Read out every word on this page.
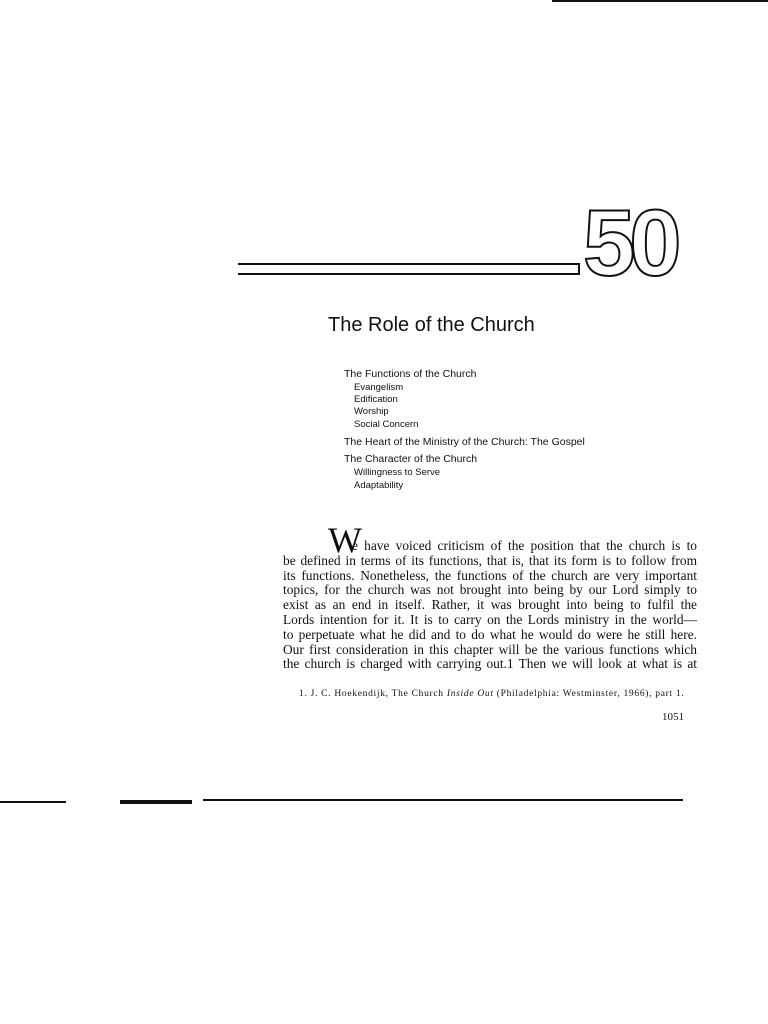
50
The Role of the Church
The Functions of the Church
Evangelism
Edification
Worship
Social Concern
The Heart of the Ministry of the Church: The Gospel
The Character of the Church
Willingness to Serve
Adaptability
W
e have voiced criticism of the position that the church is to
be defined in terms of its functions, that is, that its form is to follow from
its functions. Nonetheless, the functions of the church are very important
topics, for the church was not brought into being by our Lord simply to
exist as an end in itself. Rather, it was brought into being to fulfil the
Lords intention for it. It is to carry on the Lords ministry in the world—
to perpetuate what he did and to do what he would do were he still here.
Our first consideration in this chapter will be the various functions which
the church is charged with carrying out.1 Then we will look at what is at
1. J. C. Hoekendijk, The Church Inside Out (Philadelphia: Westminster, 1966), part 1.
1051
